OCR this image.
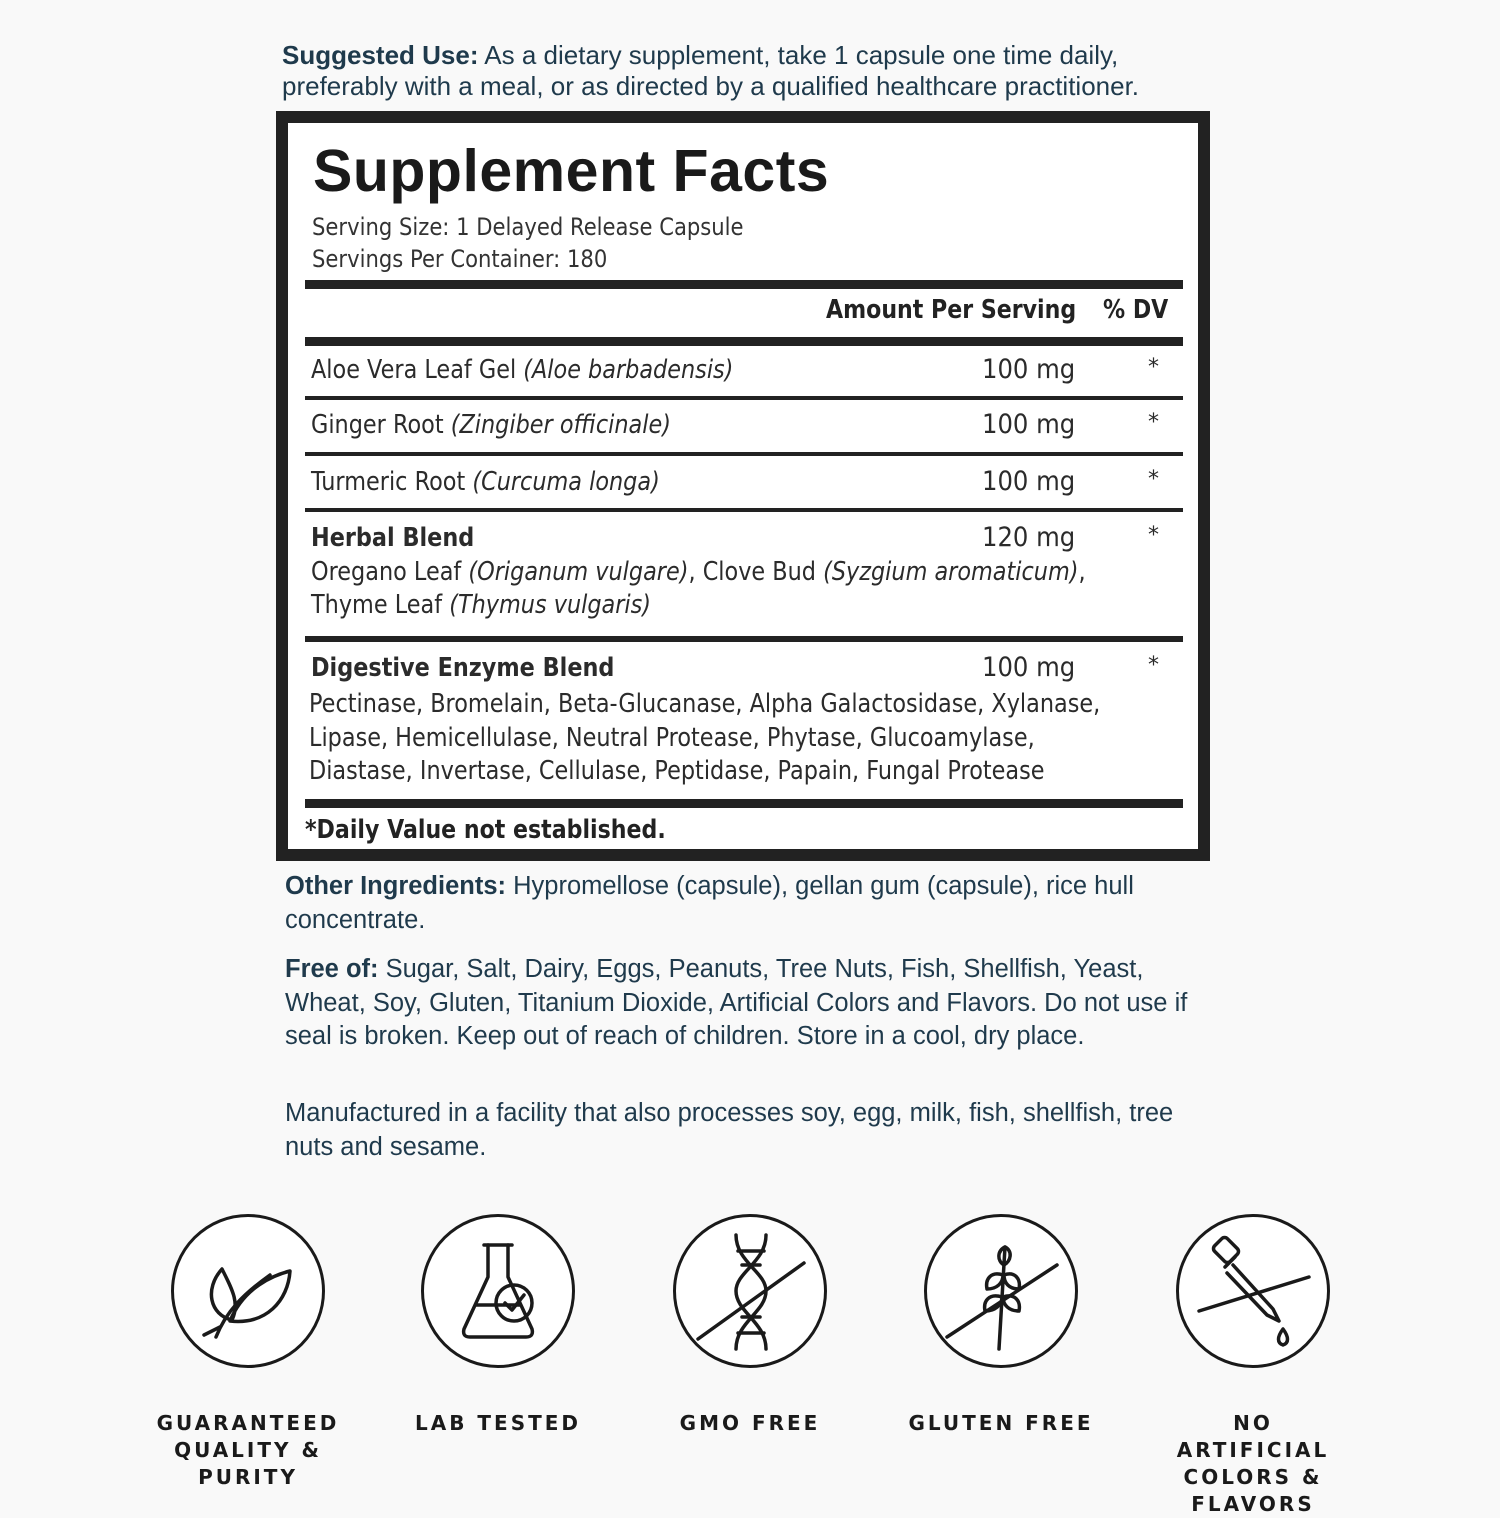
Suggested Use: As a dietary supplement, take 1 capsule one time daily, preferably with a meal, or as directed by a qualified healthcare practitioner.
Supplement Facts
Serving Size: 1 Delayed Release Capsule
Servings Per Container: 180
Amount Per Serving % DV
Aloe Vera Leaf Gel (Aloe barbadensis)	100 mg	*
Ginger Root (Zingiber officinale)	100 mg	*
Turmeric Root (Curcuma longa)	100 mg	*
Herbal Blend	120 mg	*
Oregano Leaf (Origanum vulgare), Clove Bud (Syzgium aromaticum),
Thyme Leaf (Thymus vulgaris)
Digestive Enzyme Blend	100 mg	*
Pectinase, Bromelain, Beta-Glucanase, Alpha Galactosidase, Xylanase,
Lipase, Hemicellulase, Neutral Protease, Phytase, Glucoamylase,
Diastase, Invertase, Cellulase, Peptidase, Papain, Fungal Protease
*Daily Value not established.
Other Ingredients: Hypromellose (capsule), gellan gum (capsule), rice hull concentrate.
Free of: Sugar, Salt, Dairy, Eggs, Peanuts, Tree Nuts, Fish, Shellfish, Yeast, Wheat, Soy, Gluten, Titanium Dioxide, Artificial Colors and Flavors. Do not use if seal is broken. Keep out of reach of children. Store in a cool, dry place.
Manufactured in a facility that also processes soy, egg, milk, fish, shellfish, tree nuts and sesame.
GUARANTEED
QUALITY & PURITY
LAB TESTED	GMO FREE	GLUTEN FREE	NO ARTIFICIAL
COLORS & FLAVORS
